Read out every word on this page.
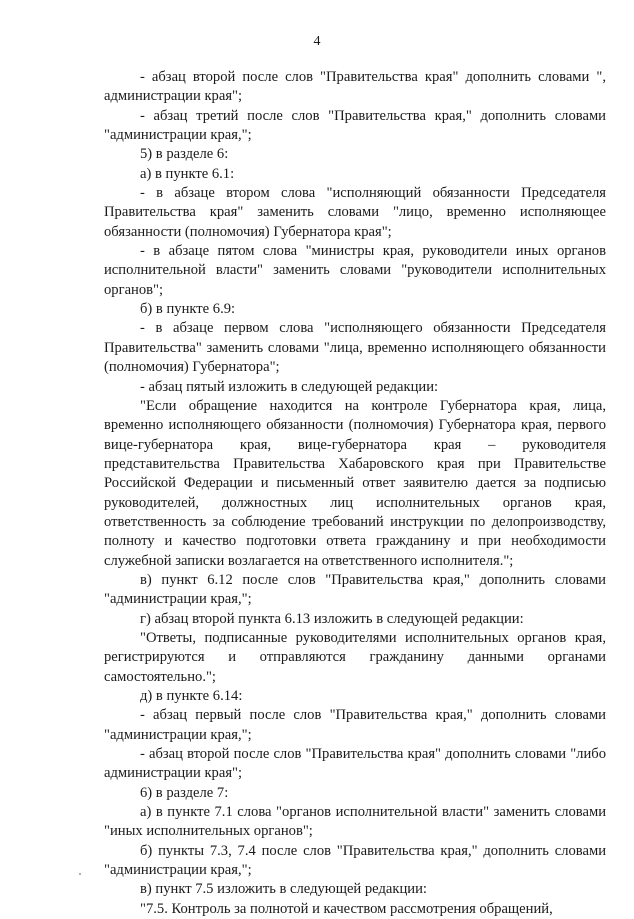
4

- абзац второй после слов "Правительства края" дополнить словами ", администрации края";

- абзац третий после слов "Правительства края," дополнить словами "администрации края,";

5) в разделе 6:

а) в пункте 6.1:

- в абзаце втором слова "исполняющий обязанности Председателя Правительства края" заменить словами "лицо, временно исполняющее обязанности (полномочия) Губернатора края";

- в абзаце пятом слова "министры края, руководители иных органов исполнительной власти" заменить словами "руководители исполнительных органов";

б) в пункте 6.9:

- в абзаце первом слова "исполняющего обязанности Председателя Правительства" заменить словами "лица, временно исполняющего обязанности (полномочия) Губернатора";

- абзац пятый изложить в следующей редакции:

"Если обращение находится на контроле Губернатора края, лица, временно исполняющего обязанности (полномочия) Губернатора края, первого вице-губернатора края, вице-губернатора края – руководителя представительства Правительства Хабаровского края при Правительстве Российской Федерации и письменный ответ заявителю дается за подписью руководителей, должностных лиц исполнительных органов края, ответственность за соблюдение требований инструкции по делопроизводству, полноту и качество подготовки ответа гражданину и при необходимости служебной записки возлагается на ответственного исполнителя.";

в) пункт 6.12 после слов "Правительства края," дополнить словами "администрации края,";

г) абзац второй пункта 6.13 изложить в следующей редакции:

"Ответы, подписанные руководителями исполнительных органов края, регистрируются и отправляются гражданину данными органами самостоятельно.";

д) в пункте 6.14:

- абзац первый после слов "Правительства края," дополнить словами "администрации края,";

- абзац второй после слов "Правительства края" дополнить словами "либо администрации края";

6) в разделе 7:

а) в пункте 7.1 слова "органов исполнительной власти" заменить словами "иных исполнительных органов";

б) пункты 7.3, 7.4 после слов "Правительства края," дополнить словами "администрации края,";

в) пункт 7.5 изложить в следующей редакции:

"7.5. Контроль за полнотой и качеством рассмотрения обращений,
